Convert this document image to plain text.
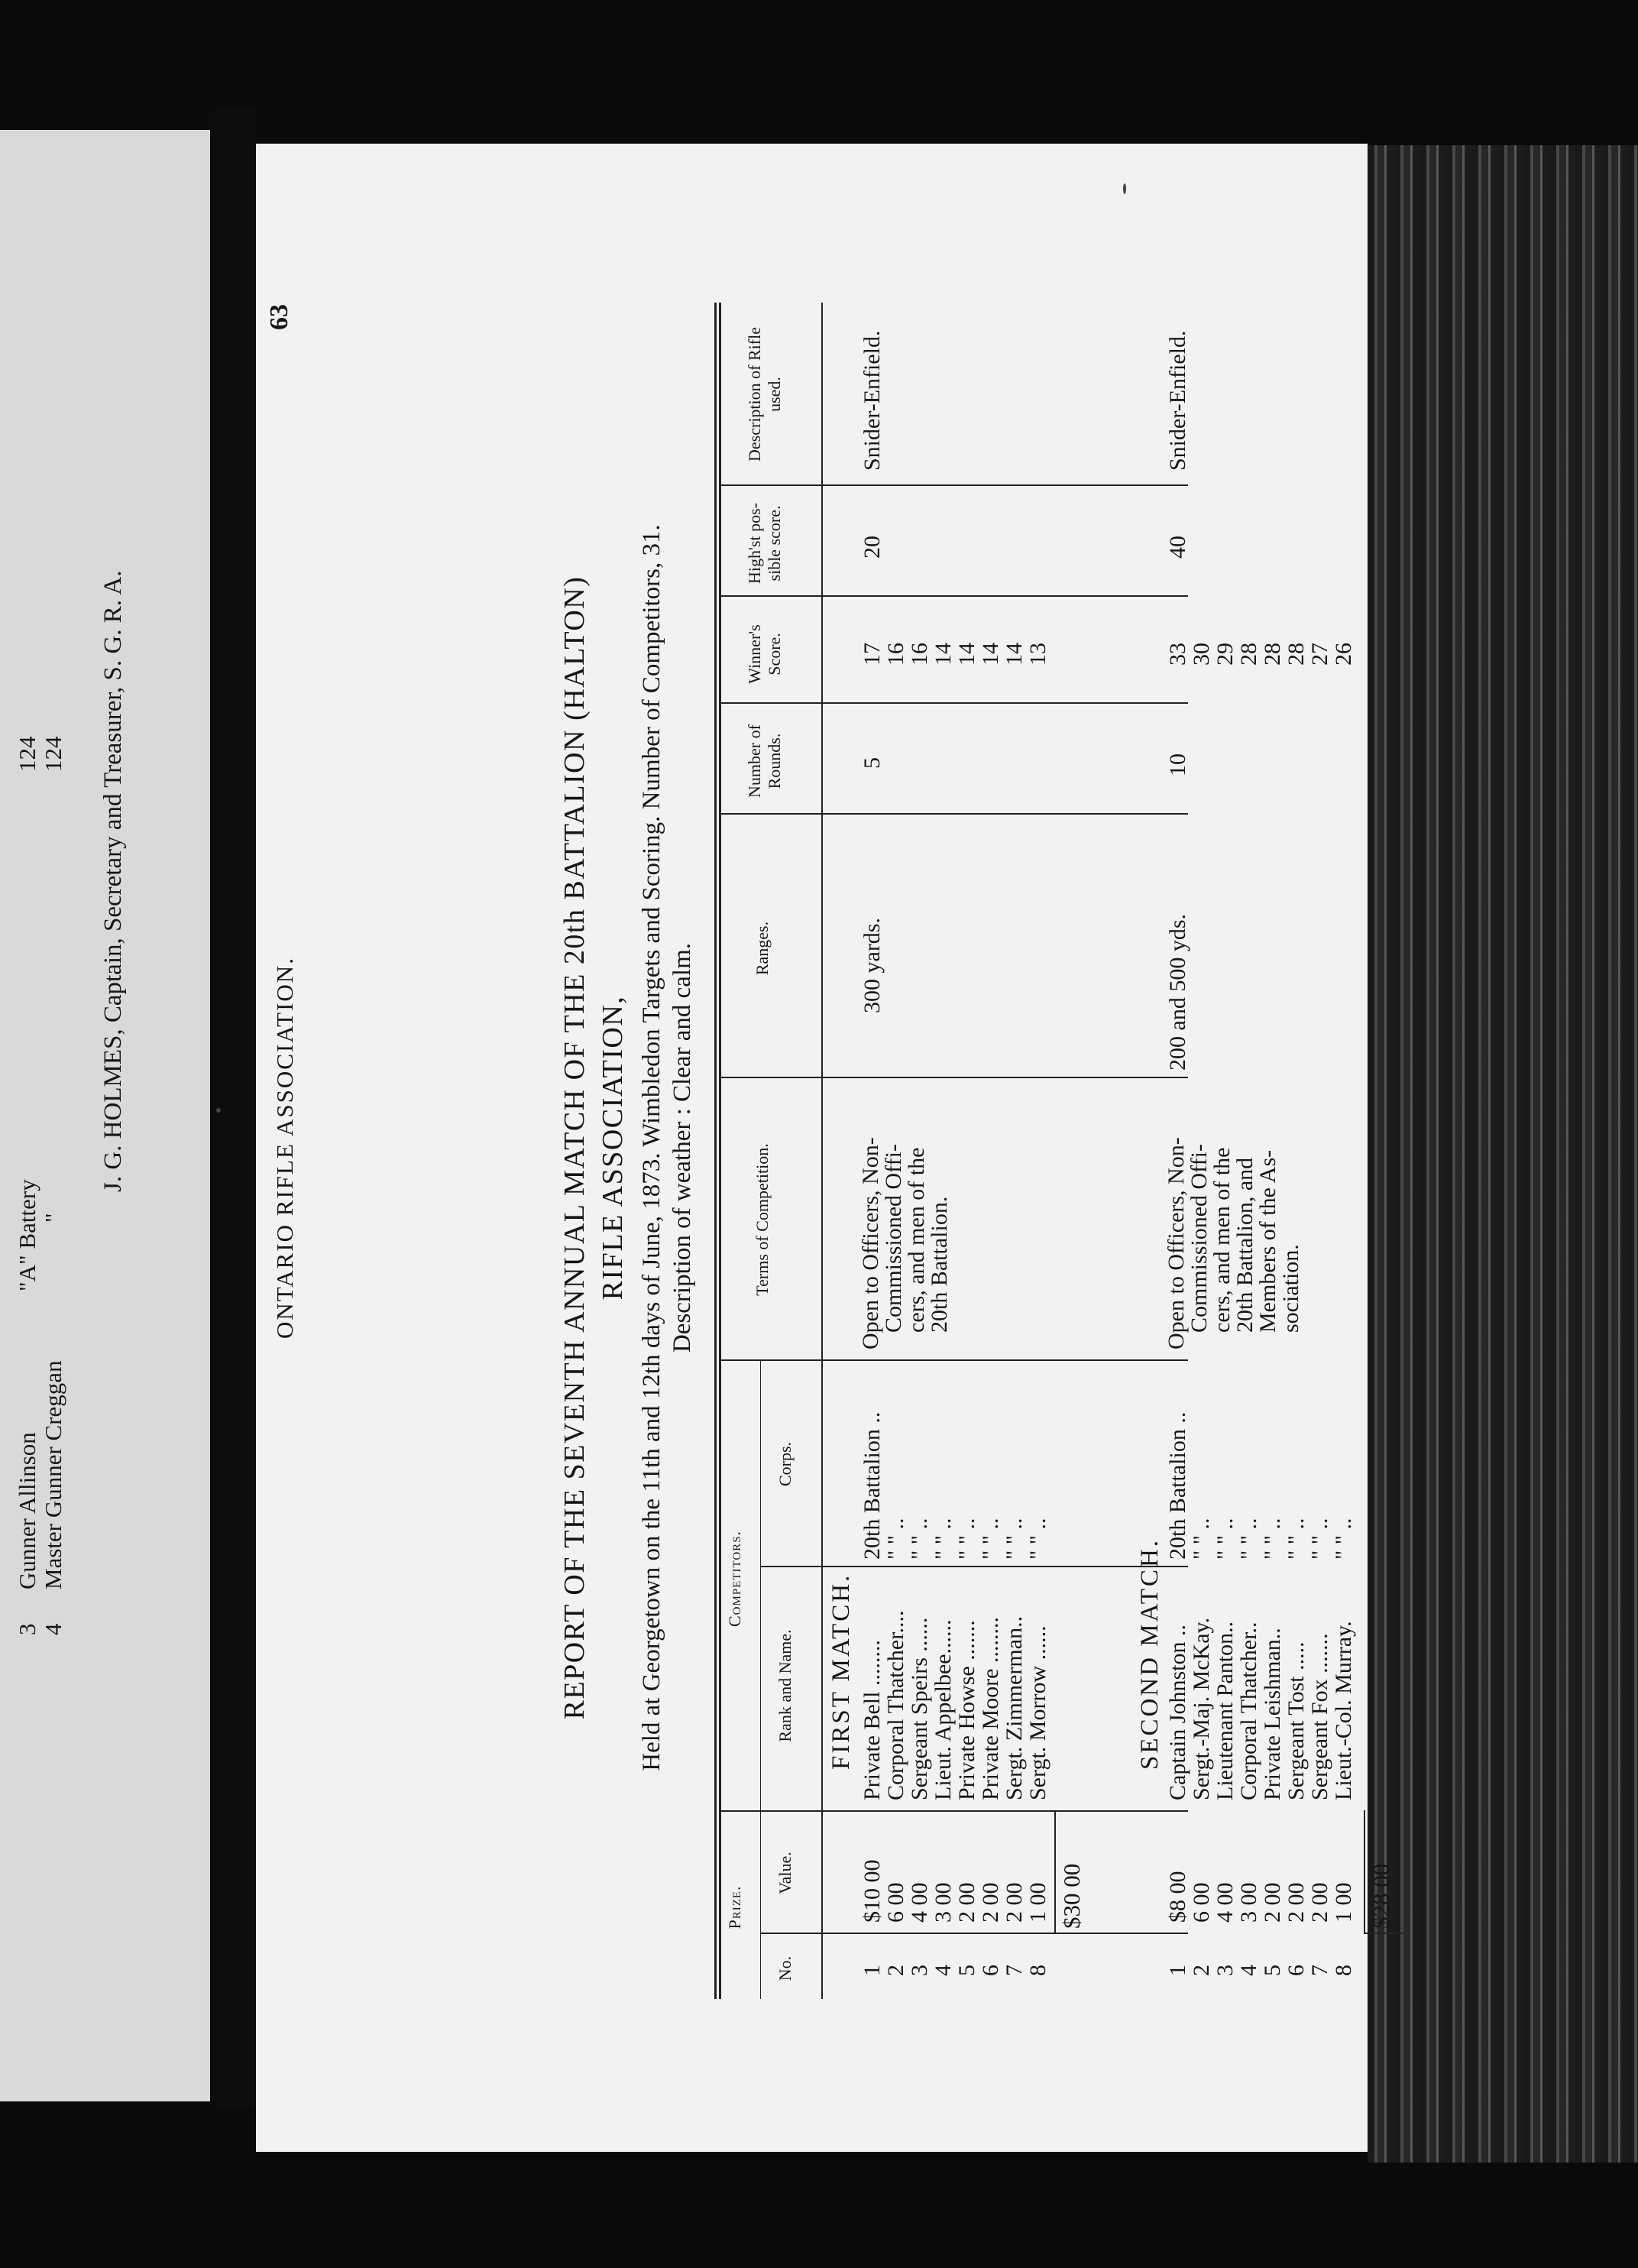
3Gunner Allinson
4Master Gunner Creggan
"A" Battery "
124 124 J. G. HOLMES, Captain, Secretary and Treasurer, S. G. R. A.	ONTARIO RIFLE ASSOCIATION.
63
REPORT OF THE SEVENTH ANNUAL MATCH OF THE 20th BATTALION (HALTON) RIFLE ASSOCIATION, Held at Georgetown on the 11th and 12th days of June, 1873. Wimbledon Targets and Scoring. Number of Competitors, 31. Description of weather : Clear and calm.
Prize.
No.
Value.
Competitors.
Rank and Name.
Corps.
Terms of Competition.
Ranges.
Number of Rounds.
Winner's Score.
High'st pos-sible score.
Description of Rifle used.
FIRST MATCH.
1
$10 00
Private Bell ........
20th Battalion ..
17
2
6 00
Corporal Thatcher....
" " ..
16
3
4 00
Sergeant Speirs ......
" " ..
16
4
3 00
Lieut. Appelbee......
" " ..
14
5
2 00
Private Howse .......
" " ..
14
6
2 00
Private Moore ........
" " ..
14
7
2 00
Sergt. Zimmerman..
" " ..
14
8
1 00
Sergt. Morrow ......
" " ..
13
Open to Officers, Non-
Commissioned Offi-
cers, and men of the
20th Battalion.
300 yards.
5
20
Snider-Enfield.
$30 00
SECOND MATCH.
1
$8 00
Captain Johnston ..
20th Battalion ..
33
2
6 00
Sergt.-Maj. McKay.
" " ..
30
3
4 00
Lieutenant Panton..
" " ..
29
4
3 00
Corporal Thatcher..
" " ..
28
5
2 00
Private Leishman..
" " ..
28
6
2 00
Sergeant Tost .....
" " ..
28
7
2 00
Sergeant Fox .......
" " ..
27
8
1 00
Lieut.-Col. Murray.
" " ..
26
Open to Officers, Non-
Commissioned Offi-
cers, and men of the
20th Battalion, and
Members of the As-
sociation.
200 and 500 yds.
10
40
Snider-Enfield.
$28 00
